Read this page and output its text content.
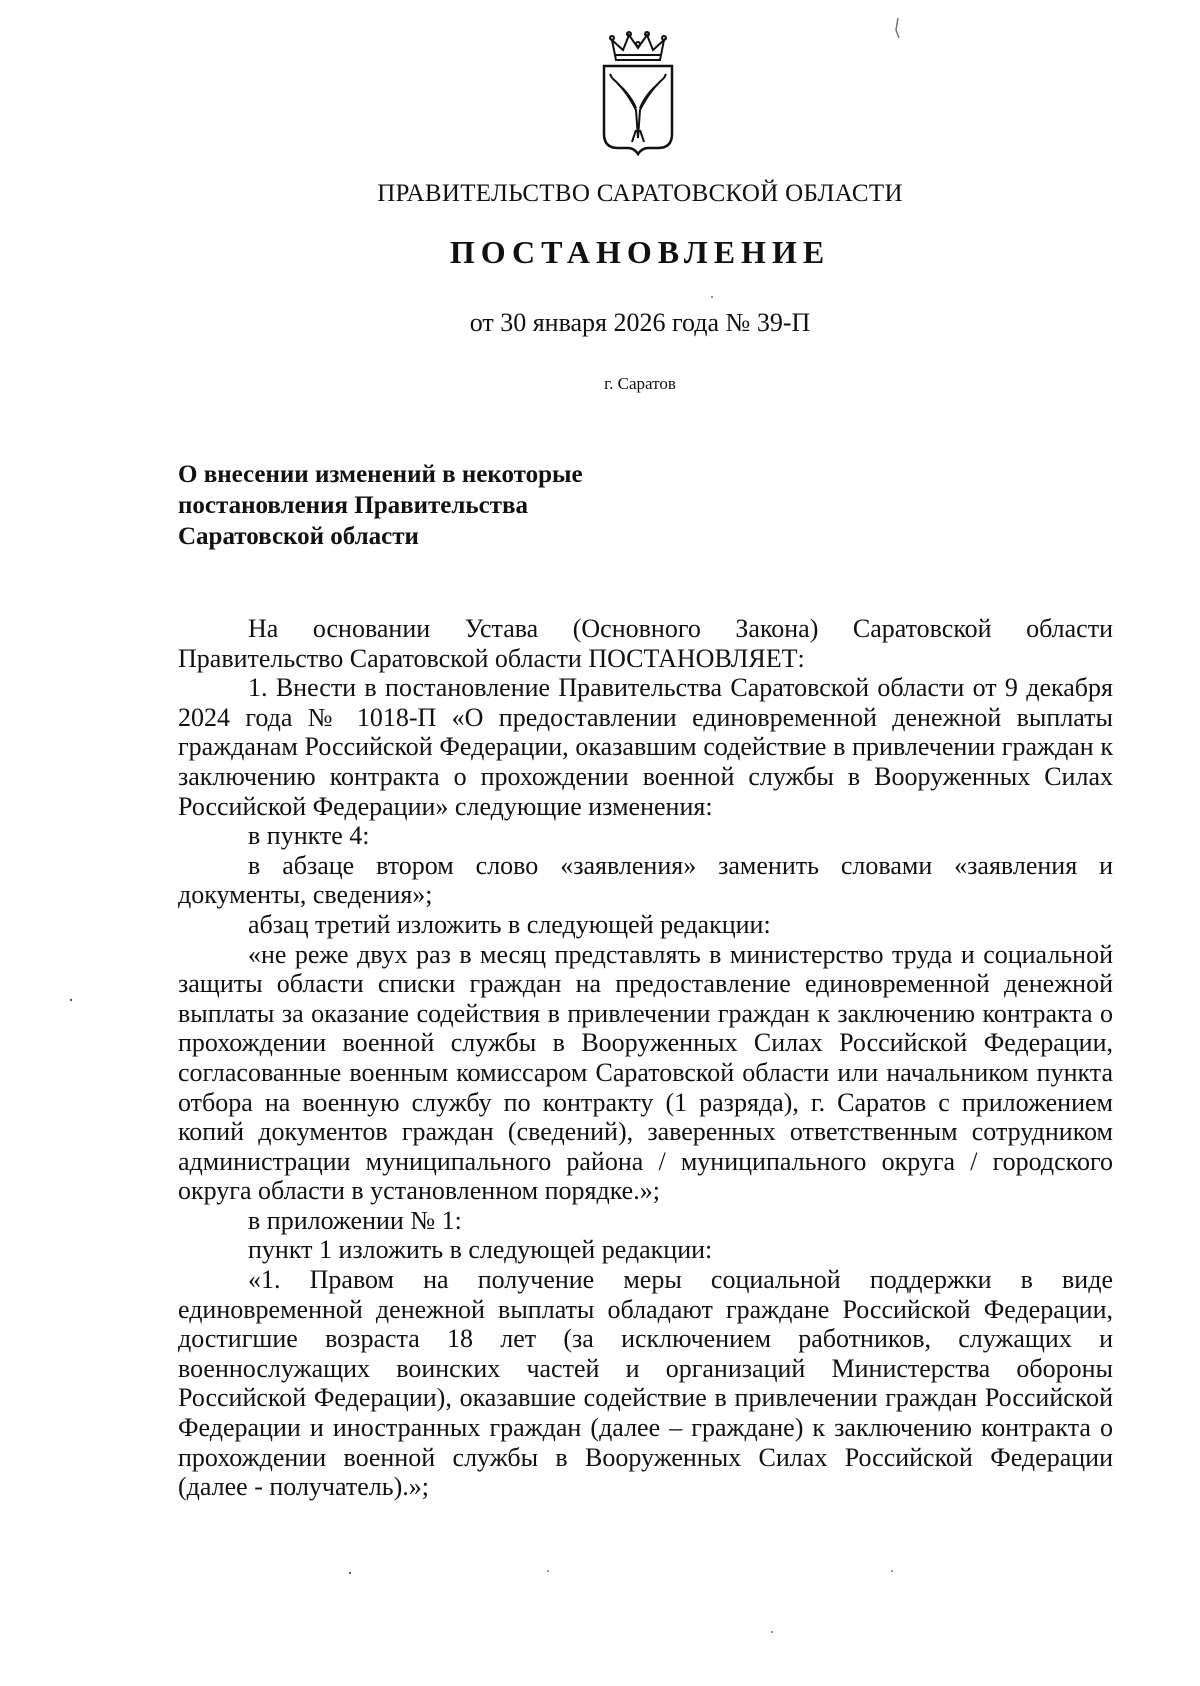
ПРАВИТЕЛЬСТВО САРАТОВСКОЙ ОБЛАСТИ
ПОСТАНОВЛЕНИЕ
от 30 января 2026 года № 39-П
г. Саратов
О внесении изменений в некоторые
постановления Правительства
Саратовской области

На основании Устава (Основного Закона) Саратовской области Правительство Саратовской области ПОСТАНОВЛЯЕТ:

1. Внести в постановление Правительства Саратовской области от 9 декабря 2024 года № 1018-П «О предоставлении единовременной денежной выплаты гражданам Российской Федерации, оказавшим содействие в привлечении граждан к заключению контракта о прохождении военной службы в Вооруженных Силах Российской Федерации» следующие изменения:

в пункте 4:

в абзаце втором слово «заявления» заменить словами «заявления и документы, сведения»;

абзац третий изложить в следующей редакции:

«не реже двух раз в месяц представлять в министерство труда и социальной защиты области списки граждан на предоставление единовременной денежной выплаты за оказание содействия в привлечении граждан к заключению контракта о прохождении военной службы в Вооруженных Силах Российской Федерации, согласованные военным комиссаром Саратовской области или начальником пункта отбора на военную службу по контракту (1 разряда), г. Саратов с приложением копий документов граждан (сведений), заверенных ответственным сотрудником администрации муниципального района / муниципального округа / городского округа области в установленном порядке.»;

в приложении № 1:

пункт 1 изложить в следующей редакции:

«1. Правом на получение меры социальной поддержки в виде единовременной денежной выплаты обладают граждане Российской Федерации, достигшие возраста 18 лет (за исключением работников, служащих и военнослужащих воинских частей и организаций Министерства обороны Российской Федерации), оказавшие содействие в привлечении граждан Российской Федерации и иностранных граждан (далее – граждане) к заключению контракта о прохождении военной службы в Вооруженных Силах Российской Федерации (далее - получатель).»;
